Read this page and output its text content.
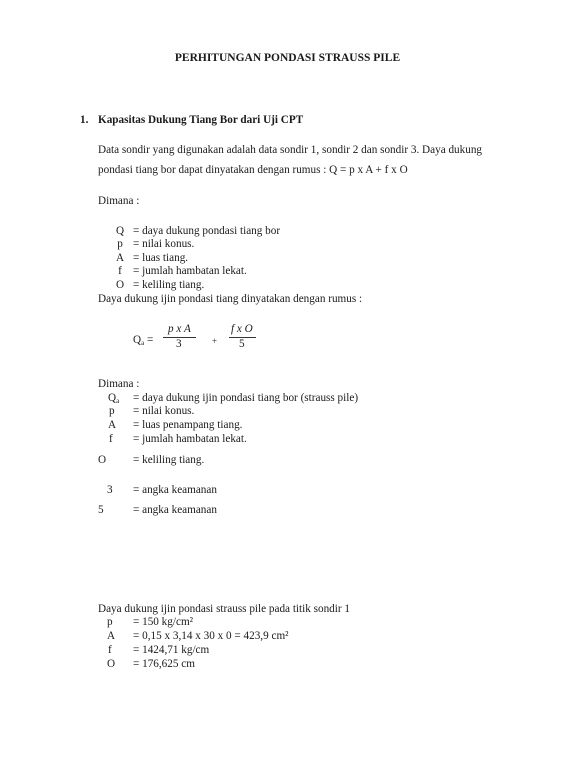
PERHITUNGAN PONDASI STRAUSS PILE
1. Kapasitas Dukung Tiang Bor dari Uji CPT
Data sondir yang digunakan adalah data sondir 1, sondir 2 dan sondir 3. Daya dukung
pondasi tiang bor dapat dinyatakan dengan rumus : Q = p x A + f x O
Dimana :
Q = daya dukung pondasi tiang bor
p = nilai konus.
A = luas tiang.
f = jumlah hambatan lekat.
O = keliling tiang.
Daya dukung ijin pondasi tiang dinyatakan dengan rumus :
$Q_a$ =
p x A
3	+
f x O
5
Dimana :
$Q_a$ = daya dukung ijin pondasi tiang bor (strauss pile)
p = nilai konus.
A = luas penampang tiang.
f = jumlah hambatan lekat.
O = keliling tiang.
3 = angka keamanan
5	= angka keamanan
Daya dukung ijin pondasi strauss pile pada titik sondir 1
p = 150 kg/cm²
A = 0,15 x 3,14 x 30 x 0 = 423,9 cm²
f = 1424,71 kg/cm
O = 176,625 cm
